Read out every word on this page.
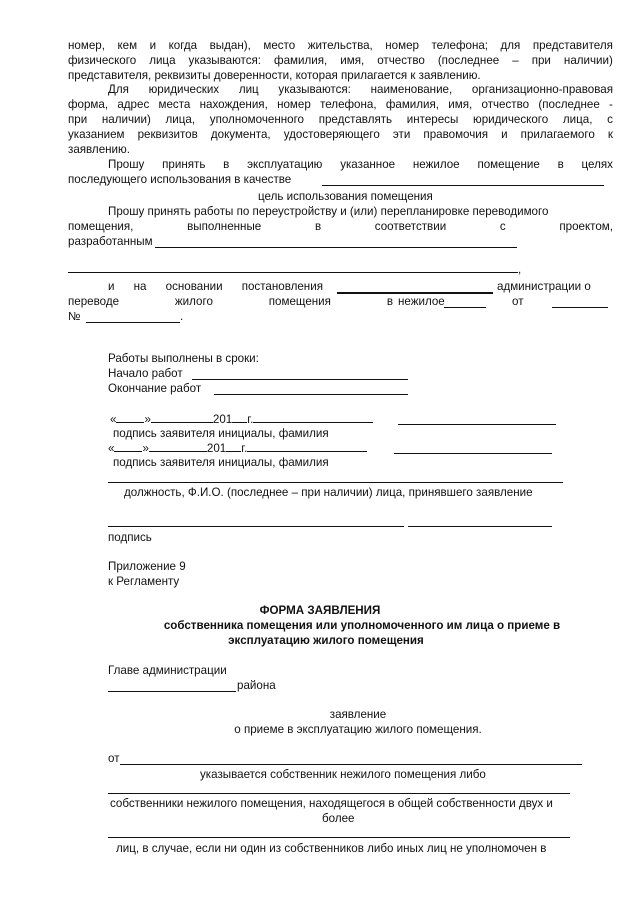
номер, кем и когда выдан), место жительства, номер телефона; для представителя
физического лица указываются: фамилия, имя, отчество (последнее – при наличии)
представителя, реквизиты доверенности, которая прилагается к заявлению.
Для юридических лиц указываются: наименование, организационно-правовая
форма, адрес места нахождения, номер телефона, фамилия, имя, отчество (последнее -
при наличии) лица, уполномоченного представлять интересы юридического лица, с
указанием реквизитов документа, удостоверяющего эти правомочия и прилагаемого к
заявлению.
Прошу принять в эксплуатацию указанное нежилое помещение в целях
последующего использования в качестве
цель использования помещения
Прошу принять работы по переустройству и (или) перепланировке переводимого
помещения,	выполненные	в	соответствии	с	проектом,
разработанным
,
и на основании постановления	администрации о
переводе	жилого	помещения	в нежилое	от
№	.
Работы выполнены в сроки:
Начало работ
Окончание работ
« »	201 г.
подпись заявителя инициалы, фамилия
« »	201 г.
подпись заявителя инициалы, фамилия
должность, Ф.И.О. (последнее – при наличии) лица, принявшего заявление
подпись
Приложение 9
к Регламенту
ФОРМА ЗАЯВЛЕНИЯ
собственника помещения или уполномоченного им лица о приеме в
эксплуатацию жилого помещения
Главе администрации
района
заявление
о приеме в эксплуатацию жилого помещения.
от
указывается собственник нежилого помещения либо
собственники нежилого помещения, находящегося в общей собственности двух и
более
лиц, в случае, если ни один из собственников либо иных лиц не уполномочен в
